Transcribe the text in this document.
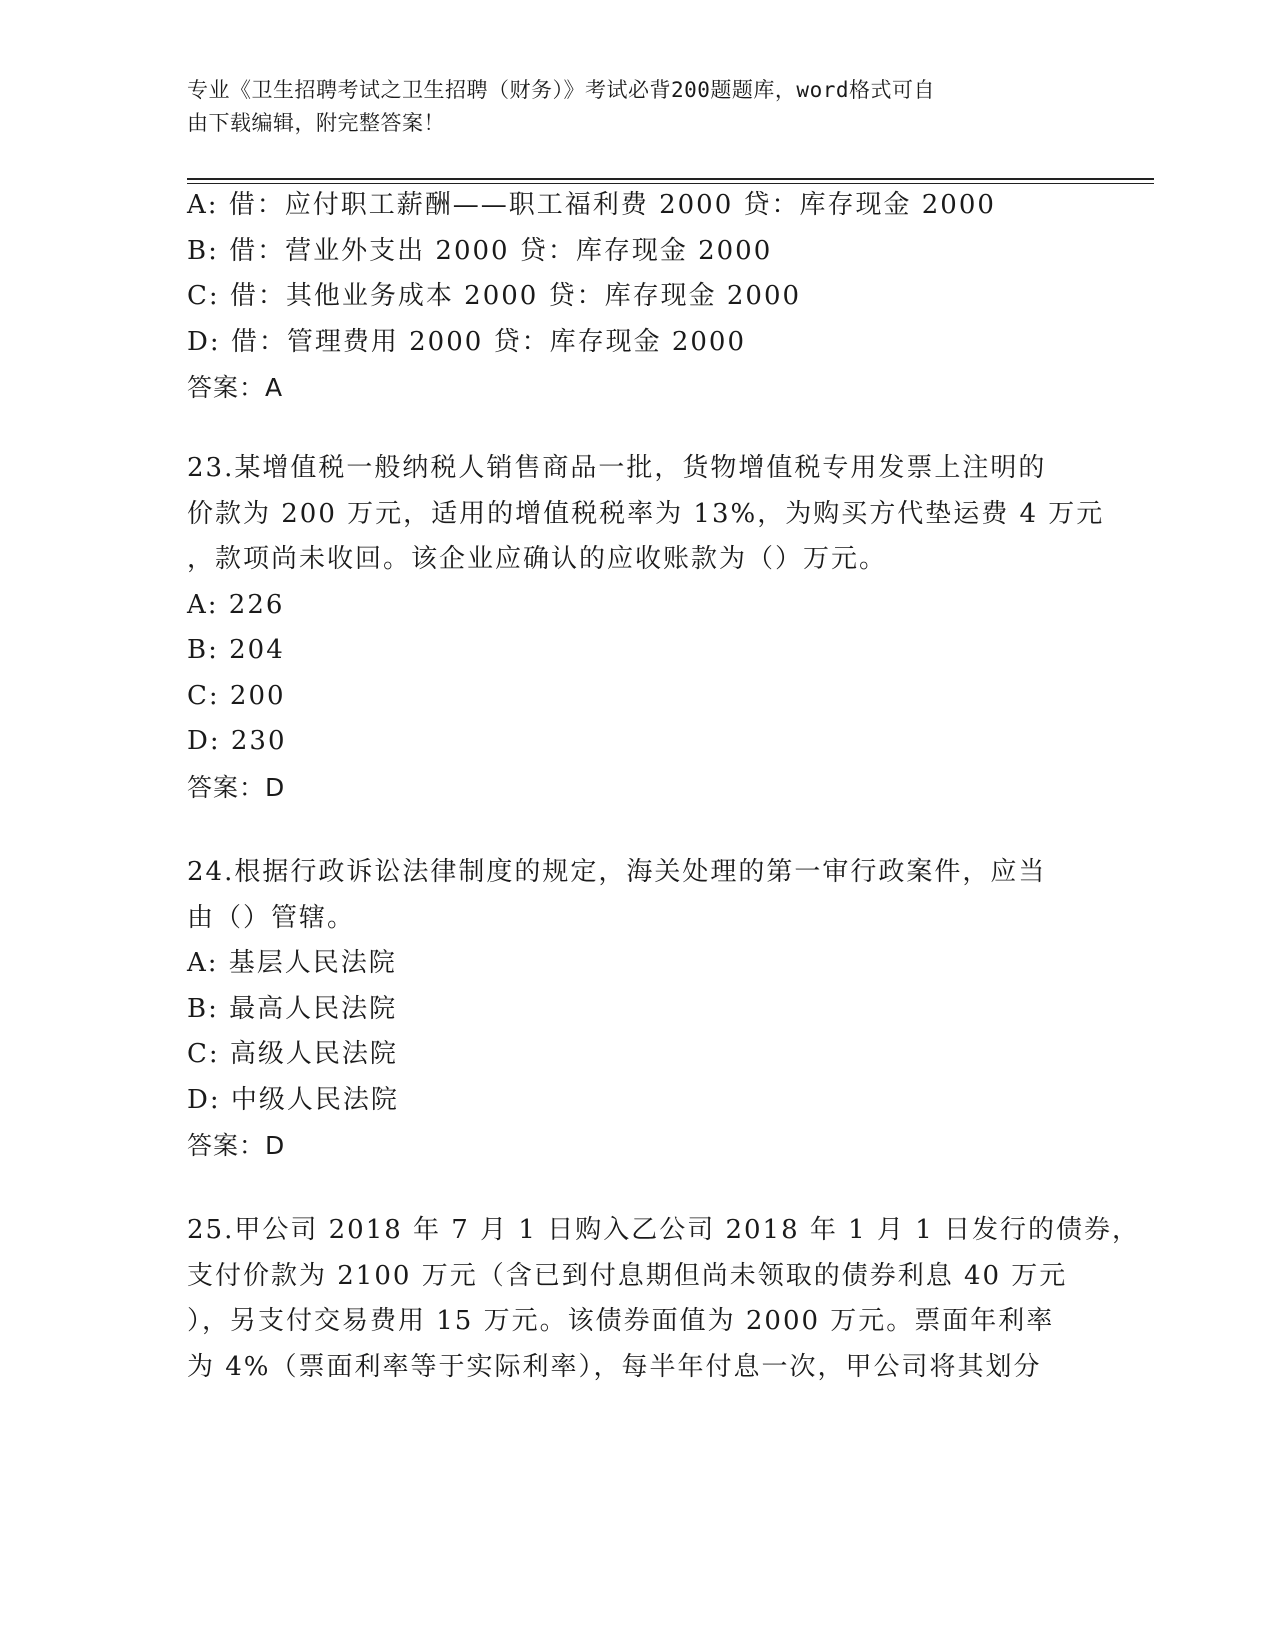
专业《卫生招聘考试之卫生招聘（财务）》考试必背200题题库，word格式可自
由下载编辑，附完整答案！
A: 借：应付职工薪酬——职工福利费 2000 贷：库存现金 2000
B: 借：营业外支出 2000 贷：库存现金 2000
C: 借：其他业务成本 2000 贷：库存现金 2000
D: 借：管理费用 2000 贷：库存现金 2000
答案：A
23.某增值税一般纳税人销售商品一批，货物增值税专用发票上注明的
价款为 200 万元，适用的增值税税率为 13%，为购买方代垫运费 4 万元
，款项尚未收回。该企业应确认的应收账款为（）万元。
A: 226
B: 204
C: 200
D: 230
答案：D
24.根据行政诉讼法律制度的规定，海关处理的第一审行政案件，应当
由（）管辖。
A: 基层人民法院
B: 最高人民法院
C: 高级人民法院
D: 中级人民法院
答案：D
25.甲公司 2018 年 7 月 1 日购入乙公司 2018 年 1 月 1 日发行的债券，
支付价款为 2100 万元（含已到付息期但尚未领取的债券利息 40 万元
），另支付交易费用 15 万元。该债券面值为 2000 万元。票面年利率
为 4%（票面利率等于实际利率），每半年付息一次，甲公司将其划分
